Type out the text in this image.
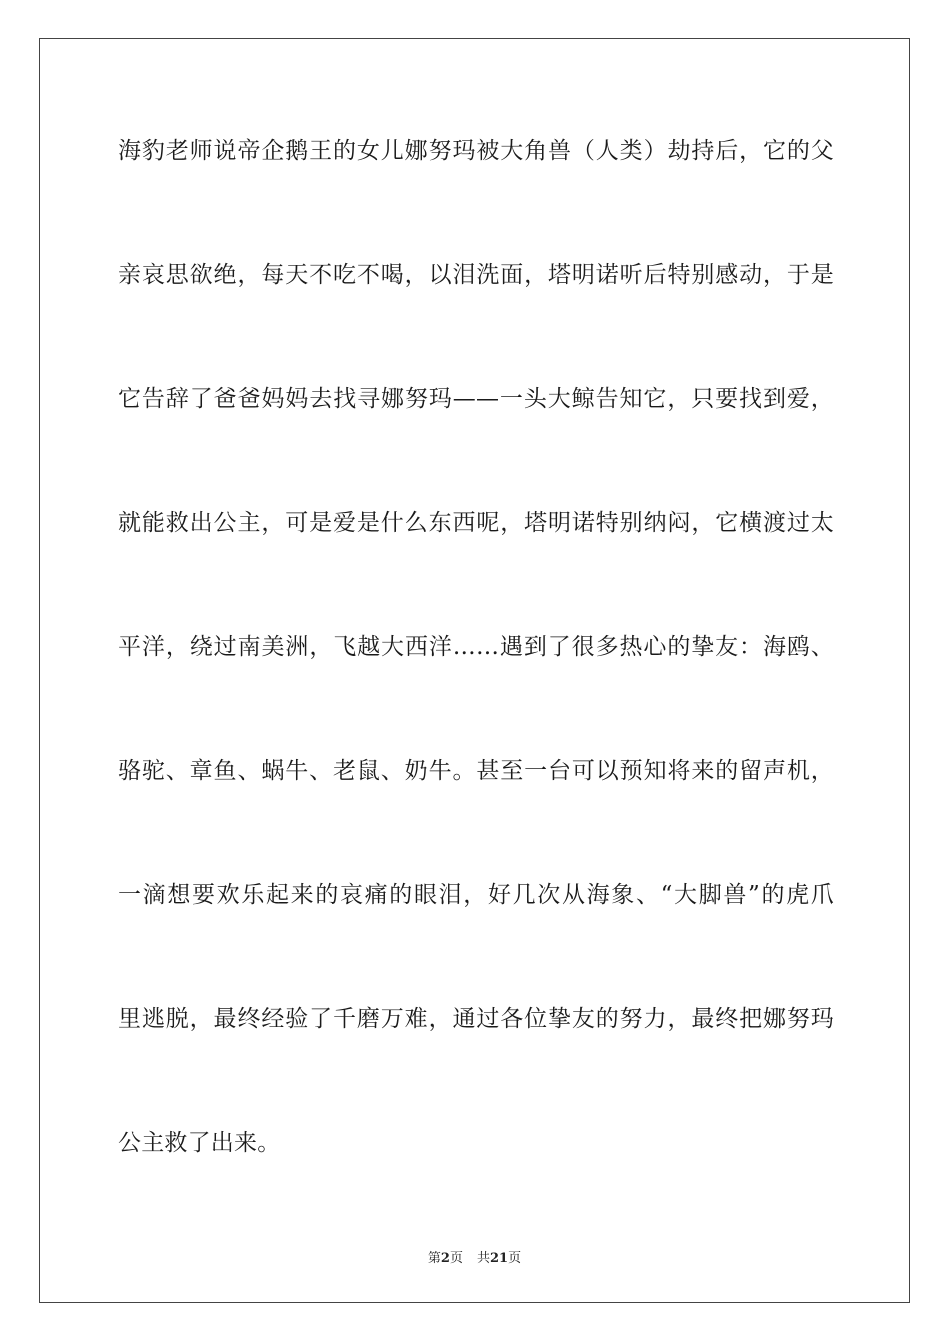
海豹老师说帝企鹅王的女儿娜努玛被大角兽（人类）劫持后，它的父
亲哀思欲绝，每天不吃不喝，以泪洗面，塔明诺听后特别感动，于是
它告辞了爸爸妈妈去找寻娜努玛——一头大鲸告知它，只要找到爱，
就能救出公主，可是爱是什么东西呢，塔明诺特别纳闷，它横渡过太
平洋，绕过南美洲，飞越大西洋……遇到了很多热心的挚友：海鸥、
骆驼、章鱼、蜗牛、老鼠、奶牛。甚至一台可以预知将来的留声机，
一滴想要欢乐起来的哀痛的眼泪，好几次从海象、“大脚兽”的虎爪
里逃脱，最终经验了千磨万难，通过各位挚友的努力，最终把娜努玛
公主救了出来。
第2页 共21页
